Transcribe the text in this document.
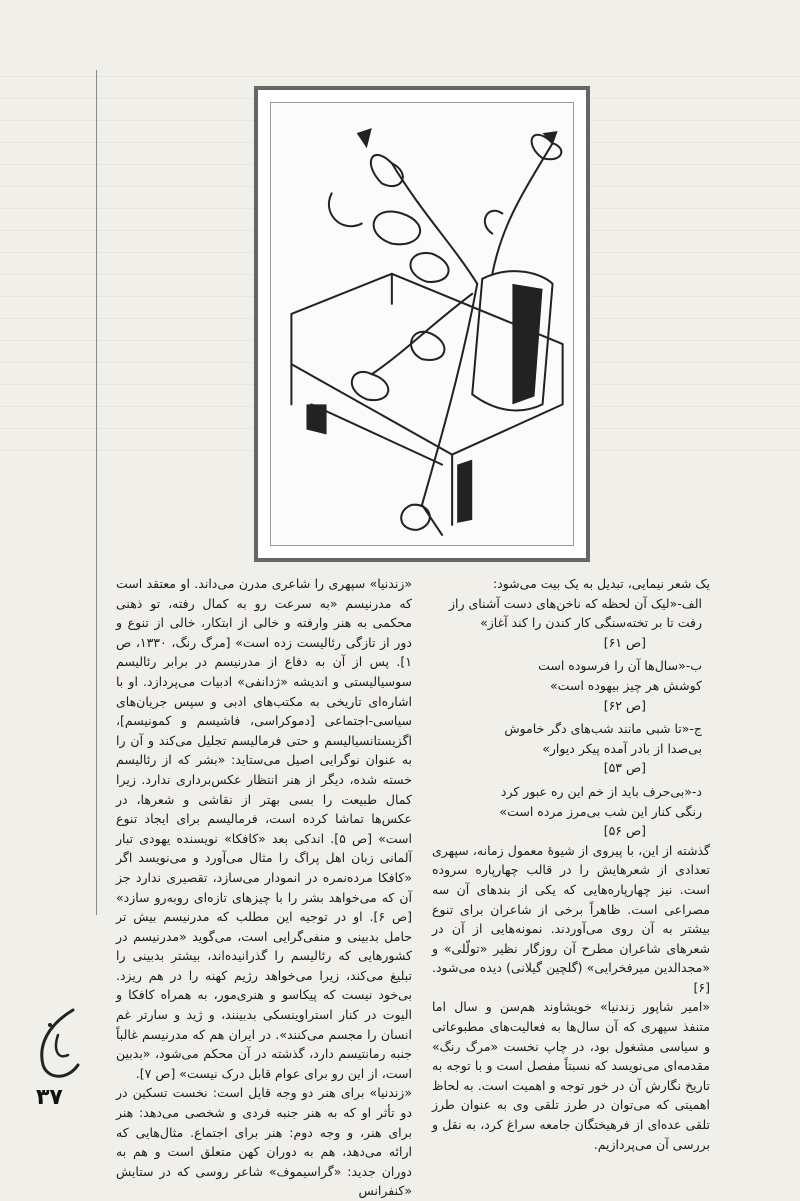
یک شعر نیمایی، تبدیل به یک بیت می‌شود:

الف-«لیک آن لحظه که ناخن‌های دست آشنای راز

رفت تا بر تخته‌سنگی کار کندن را کند آغاز»

[ص ۶۱]

ب-«سال‌ها آن را فرسوده است

کوشش هر چیز بیهوده است»

[ص ۶۲]

ج-«تا شبی مانند شب‌های دگر خاموش

بی‌صدا از بادر آمده پیکر دیوار»

[ص ۵۳]

د-«بی‌حرف باید از خم این ره عبور کرد

رنگی کنار این شب بی‌مرز مرده است»

[ص ۵۶]

گذشته از این، با پیروی از شیوهٔ معمول زمانه، سپهری تعدادی از شعرهایش را در قالب چهارپاره سروده است. نیز چهارپاره‌هایی که یکی از بندهای آن سه مصراعی است. ظاهراً برخی از شاعران برای تنوع بیشتر به آن روی می‌آوردند. نمونه‌هایی از آن در شعرهای شاعران مطرح آن روزگار نظیر «تولّلی» و «مجدالدین میرفخرایی» (گلچین گیلانی) دیده می‌شود. [۶]

«امیر شاپور زندنیا» خویشاوند هم‌سن و سال اما متنفذ سپهری که آن سال‌ها به فعالیت‌های مطبوعاتی و سیاسی مشغول بود، در چاپ نخست «مرگ رنگ» مقدمه‌ای می‌نویسد که نسبتاً مفصل است و با توجه به تاریخ نگارش آن در خور توجه و اهمیت است. به لحاظ اهمیتی که می‌توان در طرز تلقی وی به عنوان طرز تلقی عده‌ای از فرهیختگان جامعه سراغ کرد، به نقل و بررسی آن می‌پردازیم.

«زندنیا» سپهری را شاعری مدرن می‌داند. او معتقد است که مدرنیسم «به سرعت رو به کمال رفته، تو ذهنی محکمی به هنر وارفته و خالی از ابتکار، خالی از تنوع و دور از تازگی رئالیست زده است» [مرگ رنگ، ۱۳۳۰، ص ۱]. پس از آن به دفاع از مدرنیسم در برابر رئالیسم سوسیالیستی و اندیشه «ژدانفی» ادبیات می‌پردازد. او با اشاره‌ای تاریخی به مکتب‌های ادبی و سپس جریان‌های سیاسی-اجتماعی [دموکراسی، فاشیسم و کمونیسم]، اگزیستانسیالیسم و حتی فرمالیسم تجلیل می‌کند و آن را به عنوان نوگرایی اصیل می‌ستاید: «بشر که از رئالیسم خسته شده، دیگر از هنر انتظار عکس‌برداری ندارد. زیرا کمال طبیعت را بسی بهتر از نقاشی و شعرها، در عکس‌ها تماشا کرده است، فرمالیسم برای ایجاد تنوع است» [ص ۵]. اندکی بعد «کافکا» نویسنده یهودی تبار آلمانی زبان اهل پراگ را مثال می‌آورد و می‌نویسد اگر «کافکا مرده‌نمره در انمودار می‌سازد، تقصیری ندارد جز آن که می‌خواهد بشر را با چیزهای تازه‌ای روبه‌رو سازد» [ص ۶]. او در توجیه این مطلب که مدرنیسم بیش تر حامل بدبینی و منفی‌گرایی است، می‌گوید «مدرنیسم در کشورهایی که رئالیسم را گذرانیده‌اند، بیشتر بدبینی را تبلیغ می‌کند، زیرا می‌خواهد رژیم کهنه را در هم ریزد. بی‌خود نیست که پیکاسو و هنری‌مور، به همراه کافکا و الیوت در کنار استراوینسکی بدبینند، و ژید و سارتر غم انسان را مجسم می‌کنند». در ایران هم که مدرنیسم غالباً جنبه رمانتیسم دارد، گذشته در آن محکم می‌شود، «بدبین است، از این رو برای عوام قابل درک نیست» [ص ۷].

«زندنیا» برای هنر دو وجه قایل است: نخست تسکین در دو تأثر او که به هنر جنبه فردی و شخصی می‌دهد: هنر برای هنر، و وجه دوم: هنر برای اجتماع. مثال‌هایی که ارائه می‌دهد، هم به دوران کهن متعلق است و هم به دوران جدید: «گراسیموف» شاعر روسی که در ستایش «کنفرانس

۳۷
